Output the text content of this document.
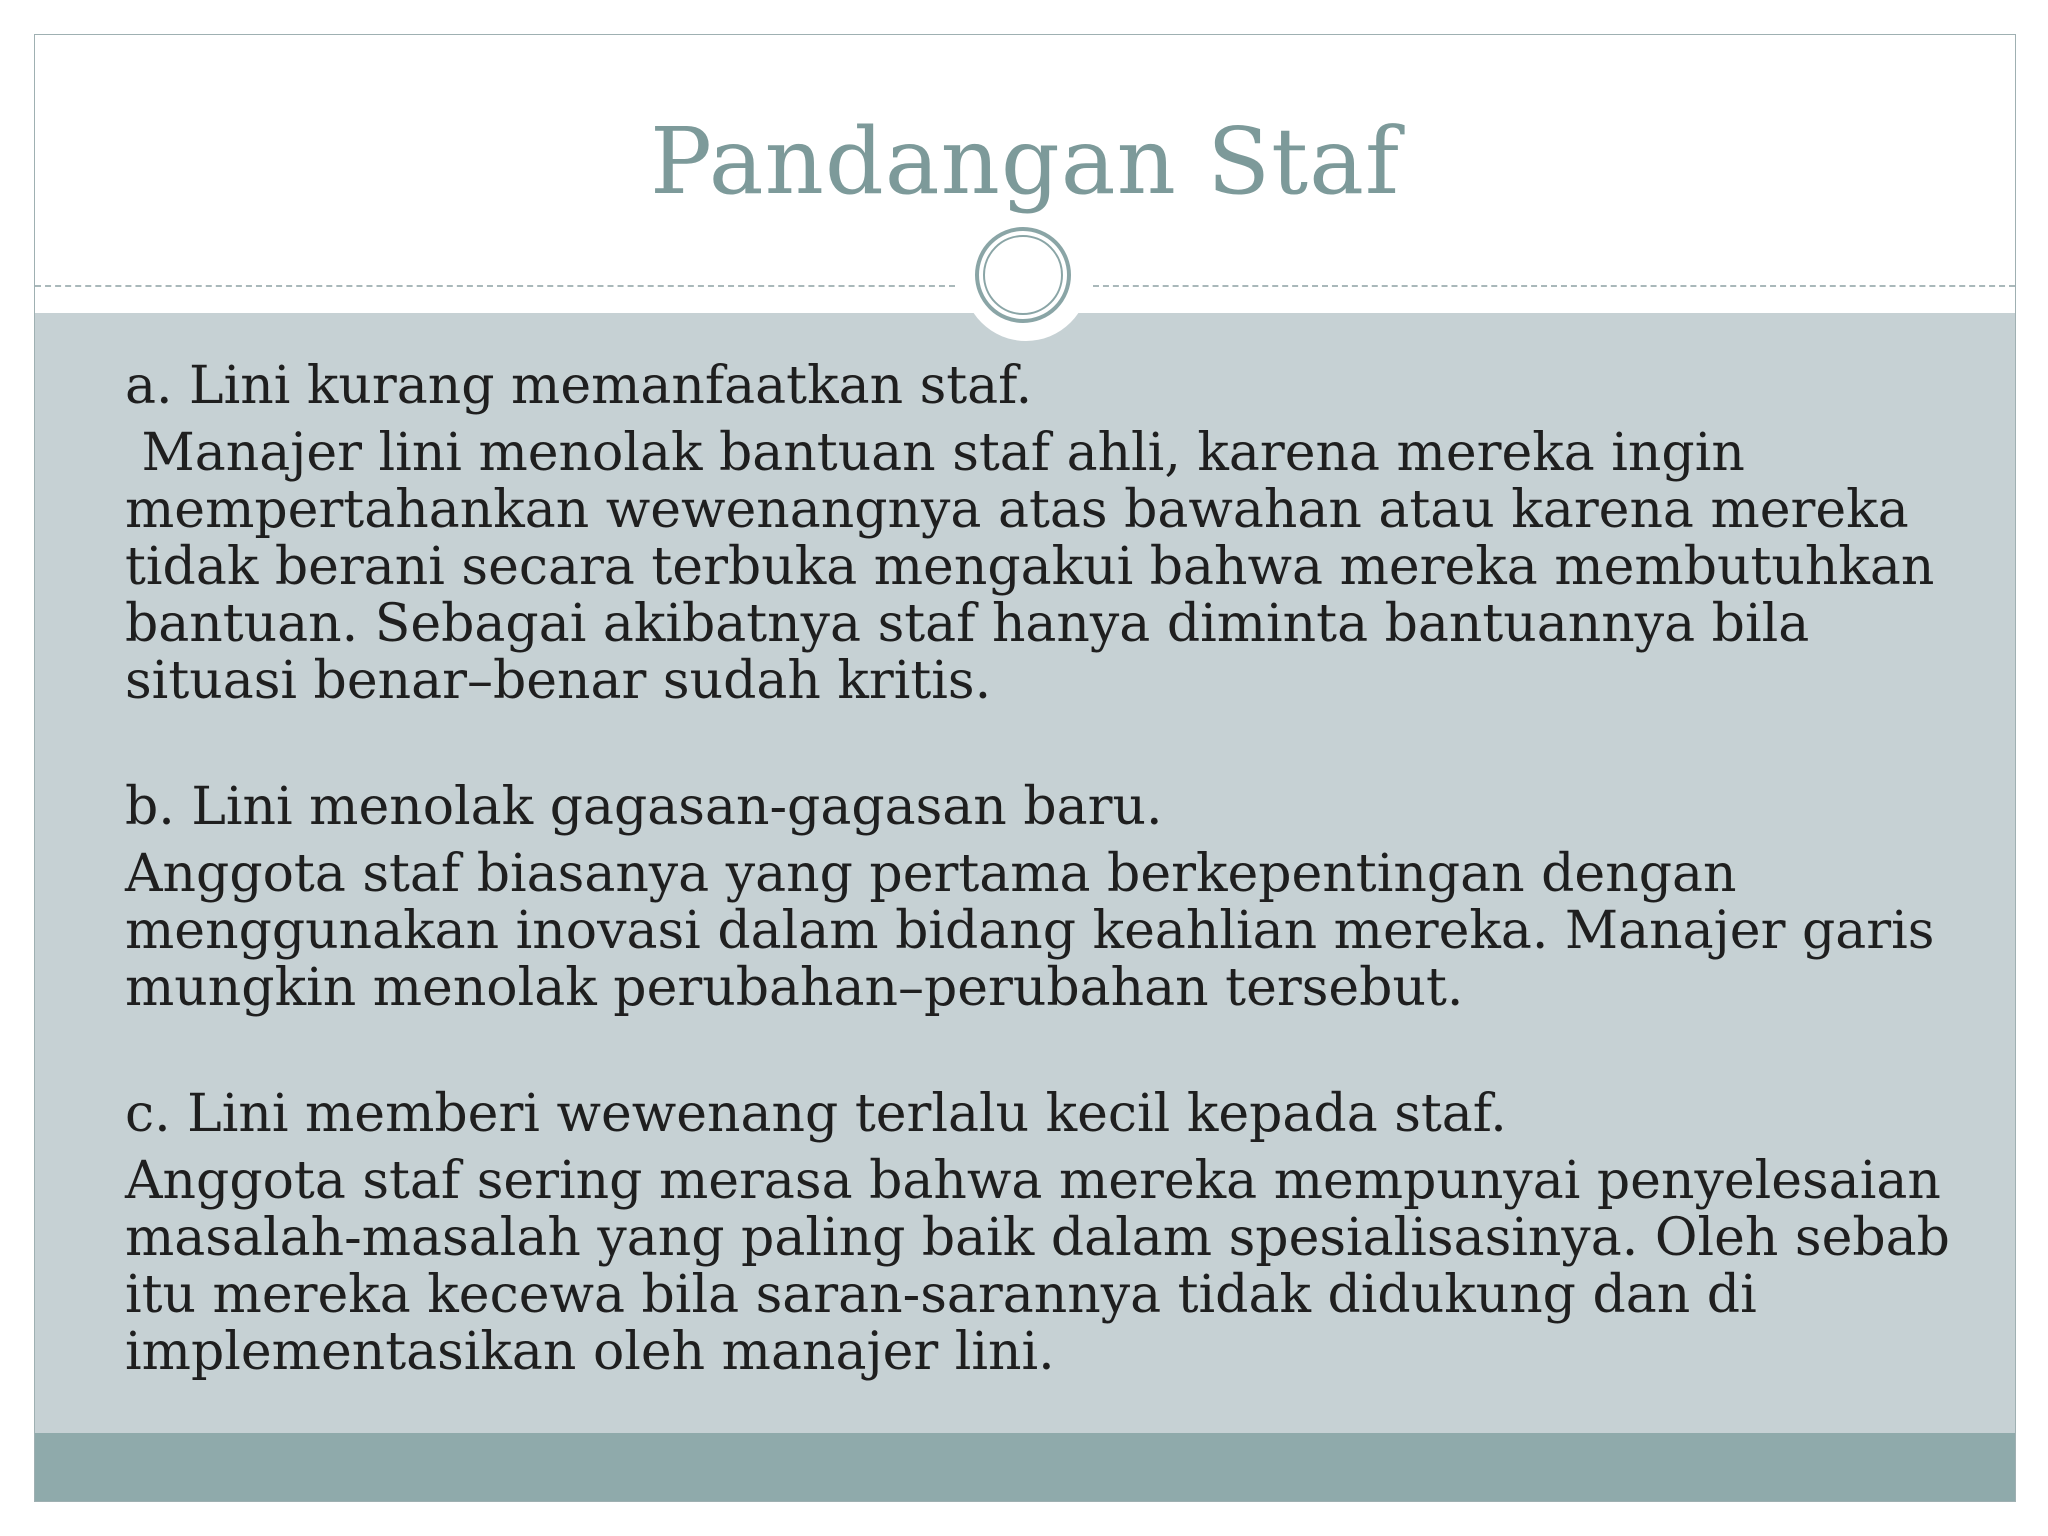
Pandangan Staf

a. Lini kurang memanfaatkan staf.

Manajer lini menolak bantuan staf ahli, karena mereka ingin mempertahankan wewenangnya atas bawahan atau karena mereka tidak berani secara terbuka mengakui bahwa mereka membutuhkan bantuan. Sebagai akibatnya staf hanya diminta bantuannya bila situasi benar–benar sudah kritis.

b. Lini menolak gagasan-gagasan baru.

Anggota staf biasanya yang pertama berkepentingan dengan menggunakan inovasi dalam bidang keahlian mereka. Manajer garis mungkin menolak perubahan–perubahan tersebut.

c. Lini memberi wewenang terlalu kecil kepada staf.

Anggota staf sering merasa bahwa mereka mempunyai penyelesaian masalah-masalah yang paling baik dalam spesialisasinya. Oleh sebab itu mereka kecewa bila saran-sarannya tidak didukung dan di implementasikan oleh manajer lini.
